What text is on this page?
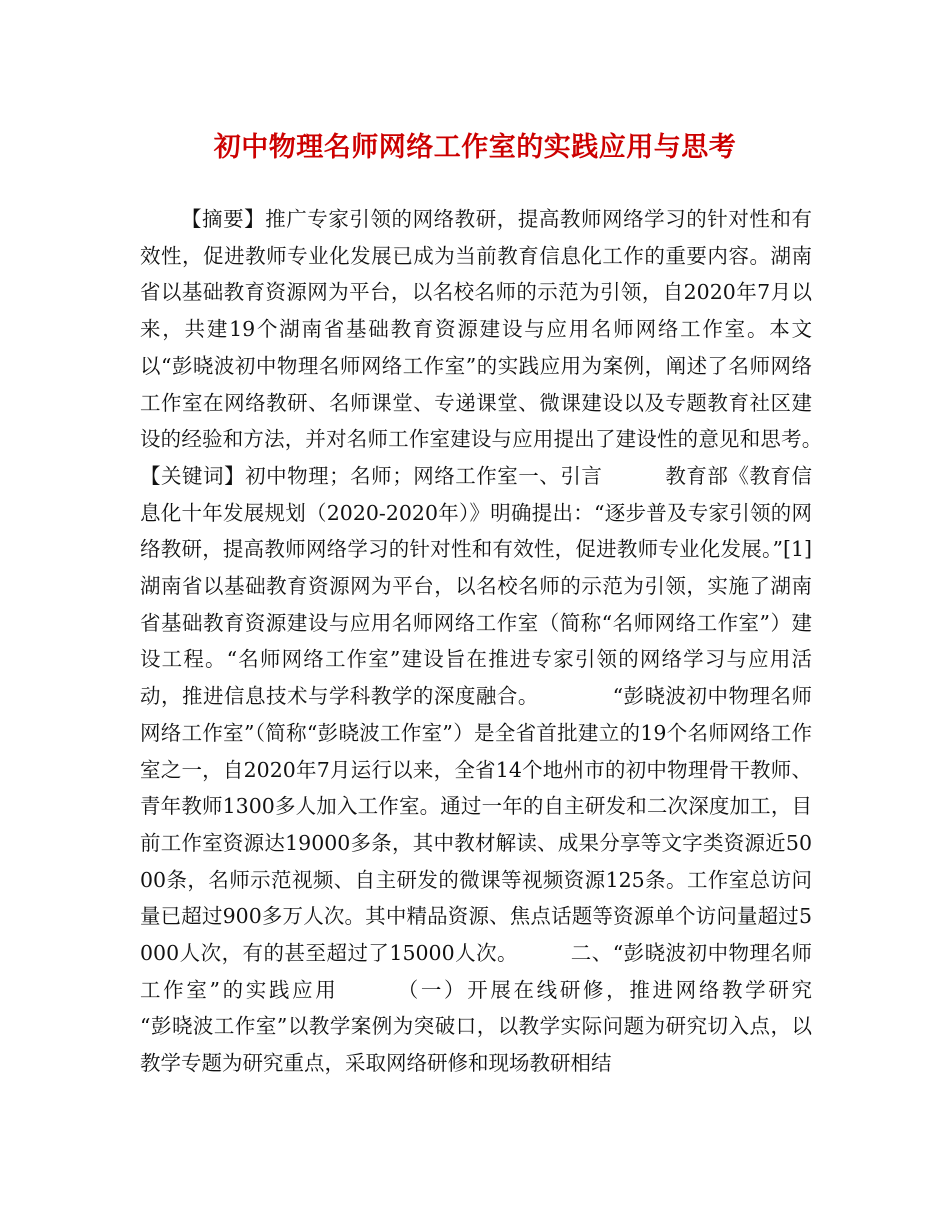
初中物理名师网络工作室的实践应用与思考

【摘要】推广专家引领的网络教研，提高教师网络学习的针对性和有效性，促进教师专业化发展已成为当前教育信息化工作的重要内容。湖南省以基础教育资源网为平台，以名校名师的示范为引领，自2020年7月以来，共建19个湖南省基础教育资源建设与应用名师网络工作室。本文以“彭晓波初中物理名师网络工作室”的实践应用为案例，阐述了名师网络工作室在网络教研、名师课堂、专递课堂、微课建设以及专题教育社区建设的经验和方法，并对名师工作室建设与应用提出了建设性的意见和思考。　　　　【关键词】初中物理；名师；网络工作室一、引言　　　教育部《教育信息化十年发展规划（2020-2020年）》明确提出：“逐步普及专家引领的网络教研，提高教师网络学习的针对性和有效性，促进教师专业化发展。”[1]湖南省以基础教育资源网为平台，以名校名师的示范为引领，实施了湖南省基础教育资源建设与应用名师网络工作室（简称“名师网络工作室”）建设工程。“名师网络工作室”建设旨在推进专家引领的网络学习与应用活动，推进信息技术与学科教学的深度融合。　　　　“彭晓波初中物理名师网络工作室”（简称“彭晓波工作室”）是全省首批建立的19个名师网络工作室之一，自2020年7月运行以来，全省14个地州市的初中物理骨干教师、青年教师1300多人加入工作室。通过一年的自主研发和二次深度加工，目前工作室资源达19000多条，其中教材解读、成果分享等文字类资源近5000条，名师示范视频、自主研发的微课等视频资源125条。工作室总访问量已超过900多万人次。其中精品资源、焦点话题等资源单个访问量超过5000人次，有的甚至超过了15000人次。　　　二、“彭晓波初中物理名师工作室”的实践应用　　　（一）开展在线研修，推进网络教学研究　　　“彭晓波工作室”以教学案例为突破口，以教学实际问题为研究切入点，以教学专题为研究重点，采取网络研修和现场教研相结
